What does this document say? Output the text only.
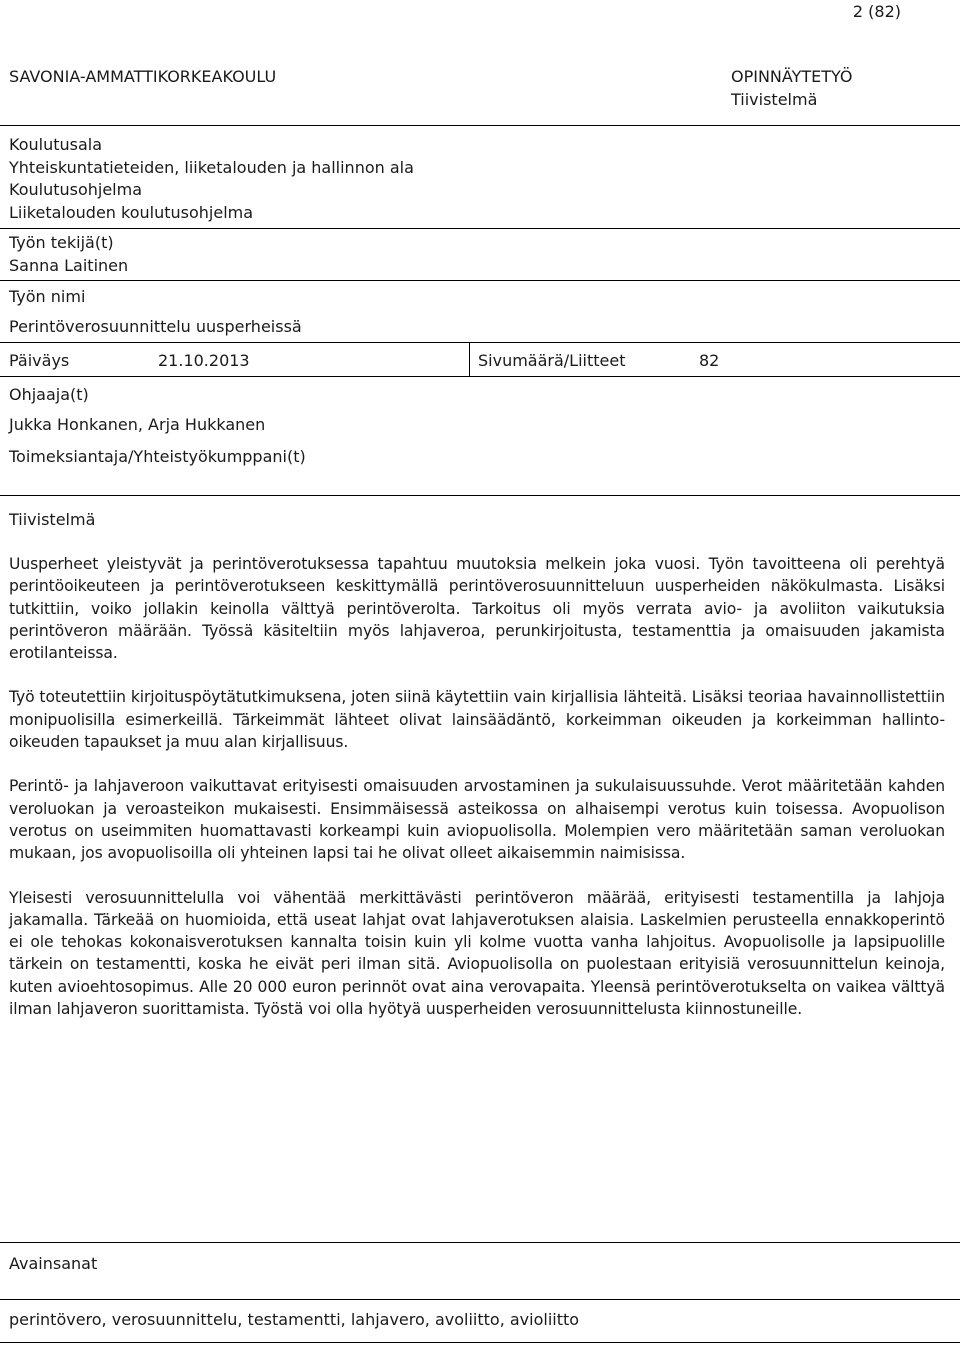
2 (82)
SAVONIA-AMMATTIKORKEAKOULU	OPINNÄYTETYÖ
Tiivistelmä
Koulutusala
Yhteiskuntatieteiden, liiketalouden ja hallinnon ala
Koulutusohjelma
Liiketalouden koulutusohjelma
Työn tekijä(t)
Sanna Laitinen
Työn nimi
Perintöverosuunnittelu uusperheissä
Päiväys	21.10.2013	Sivumäärä/Liitteet	82
Ohjaaja(t)
Jukka Honkanen, Arja Hukkanen
Toimeksiantaja/Yhteistyökumppani(t)
Tiivistelmä

Uusperheet yleistyvät ja perintöverotuksessa tapahtuu muutoksia melkein joka vuosi. Työn tavoitteena oli perehtyä perintöoikeuteen ja perintöverotukseen keskittymällä perintöverosuunnitteluun uusperheiden näkökulmasta. Lisäksi tutkittiin, voiko jollakin keinolla välttyä perintöverolta. Tarkoitus oli myös verrata avio- ja avoliiton vaikutuksia perintöveron määrään. Työssä käsiteltiin myös lahjaveroa, perunkirjoitusta, testamenttia ja omaisuuden jakamista erotilanteissa.

Työ toteutettiin kirjoituspöytätutkimuksena, joten siinä käytettiin vain kirjallisia lähteitä. Lisäksi teoriaa havainnollistettiin monipuolisilla esimerkeillä. Tärkeimmät lähteet olivat lainsäädäntö, korkeimman oikeuden ja korkeimman hallinto-oikeuden tapaukset ja muu alan kirjallisuus.

Perintö- ja lahjaveroon vaikuttavat erityisesti omaisuuden arvostaminen ja sukulaisuussuhde. Verot määritetään kahden veroluokan ja veroasteikon mukaisesti. Ensimmäisessä asteikossa on alhaisempi verotus kuin toisessa. Avopuolison verotus on useimmiten huomattavasti korkeampi kuin aviopuolisolla. Molempien vero määritetään saman veroluokan mukaan, jos avopuolisoilla oli yhteinen lapsi tai he olivat olleet aikaisemmin naimisissa.

Yleisesti verosuunnittelulla voi vähentää merkittävästi perintöveron määrää, erityisesti testamentilla ja lahjoja jakamalla. Tärkeää on huomioida, että useat lahjat ovat lahjaverotuksen alaisia. Laskelmien perusteella ennakkoperintö ei ole tehokas kokonaisverotuksen kannalta toisin kuin yli kolme vuotta vanha lahjoitus. Avopuolisolle ja lapsipuolille tärkein on testamentti, koska he eivät peri ilman sitä. Aviopuolisolla on puolestaan erityisiä verosuunnittelun keinoja, kuten avioehtosopimus. Alle 20 000 euron perinnöt ovat aina verovapaita. Yleensä perintöverotukselta on vaikea välttyä ilman lahjaveron suorittamista. Työstä voi olla hyötyä uusperheiden verosuunnittelusta kiinnostuneille.

Avainsanat
perintövero, verosuunnittelu, testamentti, lahjavero, avoliitto, avioliitto
